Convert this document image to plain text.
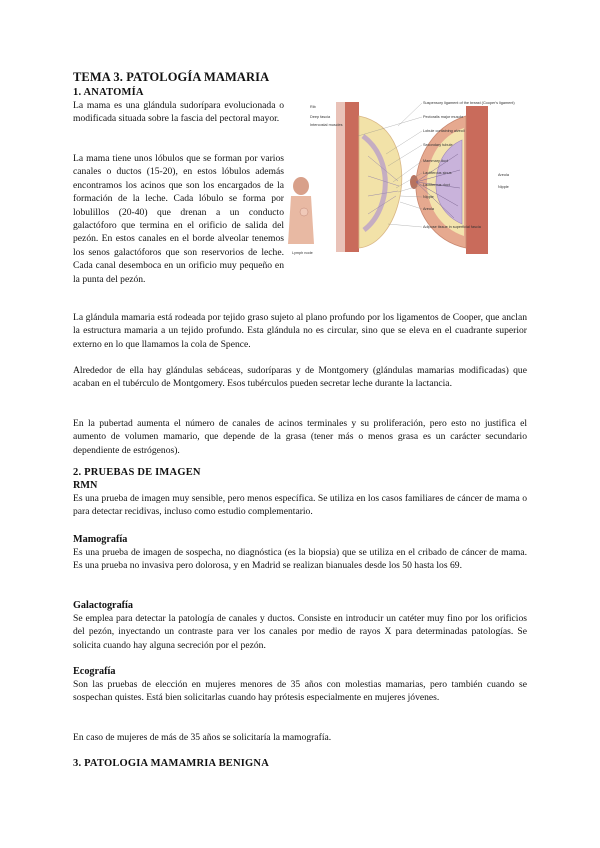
TEMA 3. PATOLOGÍA MAMARIA
1. ANATOMÍA
La mama es una glándula sudorípara evolucionada o modificada situada sobre la fascia del pectoral mayor.
La mama tiene unos lóbulos que se forman por varios canales o ductos (15-20), en estos lóbulos además encontramos los acinos que son los encargados de la formación de la leche. Cada lóbulo se forma por lobulillos (20-40) que drenan a un conducto galactóforo que termina en el orificio de salida del pezón. En estos canales en el borde alveolar tenemos los senos galactóforos que son reservorios de leche. Cada canal desemboca en un orificio muy pequeño en la punta del pezón.
Lymph node
Rib
Deep fascia
Intercostal muscles
Suspensory ligament of the breast (Cooper's ligament)
Pectoralis major muscle
Lobule containing alveoli
Secondary tubule
Mammary duct
Lactiferous sinus
Lactiferous duct
Nipple
Areola
Adipose tissue in superficial fascia
Areola
Nipple
La glándula mamaria está rodeada por tejido graso sujeto al plano profundo por los ligamentos de Cooper, que anclan la estructura mamaria a un tejido profundo. Esta glándula no es circular, sino que se eleva en el cuadrante superior externo en lo que llamamos la cola de Spence.
Alrededor de ella hay glándulas sebáceas, sudoríparas y de Montgomery (glándulas mamarias modificadas) que acaban en el tubérculo de Montgomery. Esos tubérculos pueden secretar leche durante la lactancia.
En la pubertad aumenta el número de canales de acinos terminales y su proliferación, pero esto no justifica el aumento de volumen mamario, que depende de la grasa (tener más o menos grasa es un carácter secundario dependiente de estrógenos).
2. PRUEBAS DE IMAGEN
RMN
Es una prueba de imagen muy sensible, pero menos específica. Se utiliza en los casos familiares de cáncer de mama o para detectar recidivas, incluso como estudio complementario.
Mamografía
Es una prueba de imagen de sospecha, no diagnóstica (es la biopsia) que se utiliza en el cribado de cáncer de mama. Es una prueba no invasiva pero dolorosa, y en Madrid se realizan bianuales desde los 50 hasta los 69.
Galactografía
Se emplea para detectar la patología de canales y ductos. Consiste en introducir un catéter muy fino por los orificios del pezón, inyectando un contraste para ver los canales por medio de rayos X para determinadas patologías. Se solicita cuando hay alguna secreción por el pezón.
Ecografía
Son las pruebas de elección en mujeres menores de 35 años con molestias mamarias, pero también cuando se sospechan quistes. Está bien solicitarlas cuando hay prótesis especialmente en mujeres jóvenes.
En caso de mujeres de más de 35 años se solicitaría la mamografía.
3. PATOLOGIA MAMAMRIA BENIGNA
